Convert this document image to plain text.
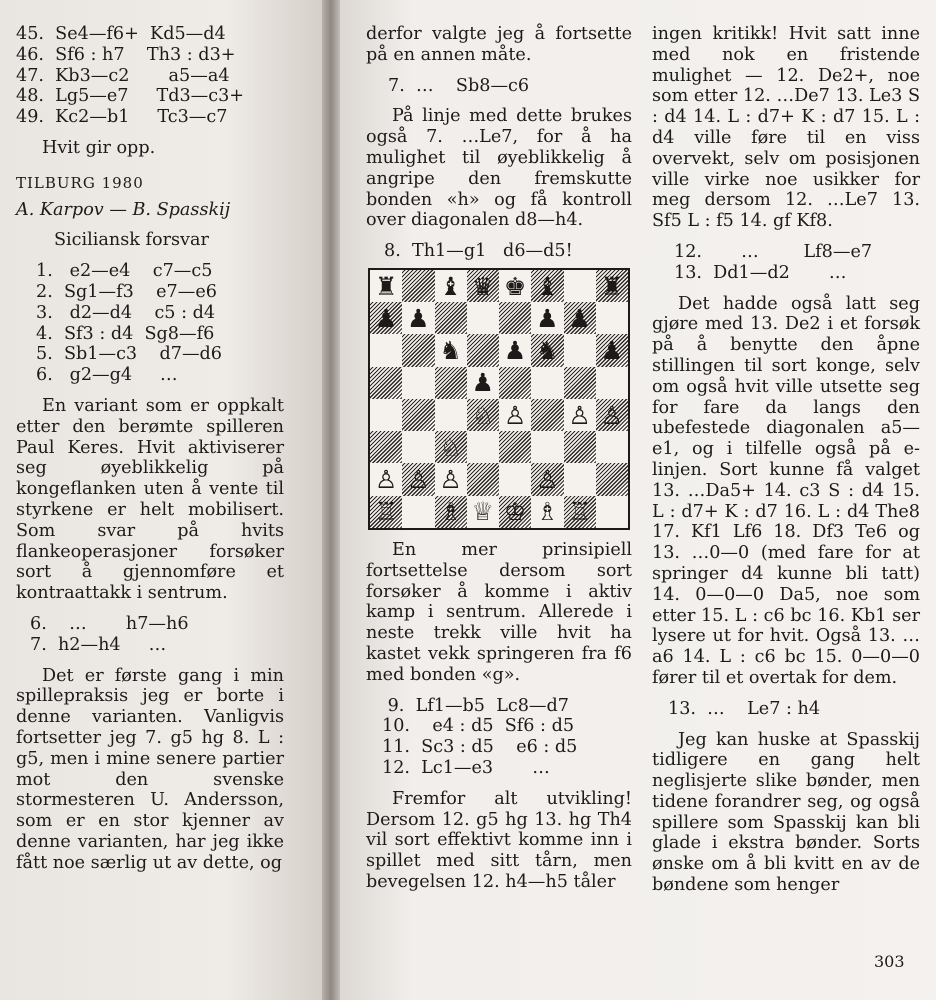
45.  Se4—f6+  Kd5—d4
46.  Sf6 : h7    Th3 : d3+
47.  Kb3—c2       a5—a4
48.  Lg5—e7     Td3—c3+
49.  Kc2—b1     Tc3—c7

Hvit gir opp.

TILBURG 1980

A. Karpov — B. Spasskij

Siciliansk forsvar

1.   e2—e4    c7—c5
2.  Sg1—f3    e7—e6
3.   d2—d4    c5 : d4
4.  Sf3 : d4  Sg8—f6
5.  Sb1—c3    d7—d6
6.   g2—g4     …

En variant som er oppkalt etter den berømte spilleren Paul Keres. Hvit aktiviserer seg øyeblikkelig på kongeflanken uten å vente til styrkene er helt mobilisert. Som svar på hvits flankeoperasjoner forsøker sort å gjennomføre et kontraattakk i sentrum.

6.    …       h7—h6
7.  h2—h4     …

Det er første gang i min spillepraksis jeg er borte i denne varianten. Vanligvis fortsetter jeg 7. g5 hg 8. L : g5, men i mine senere partier mot den svenske stormesteren U. Andersson, som er en stor kjenner av denne varianten, har jeg ikke fått noe særlig ut av dette, og

derfor valgte jeg å fortsette på en annen måte.

7.  …    Sb8—c6

På linje med dette brukes også 7. …Le7, for å ha mulighet til øyeblikkelig å angripe den fremskutte bonden «h» og få kontroll over diagonalen d8—h4.

8.  Th1—g1   d6—d5!
♜ ♝ ♛ ♚ ♝ ♜
♟ ♟	♟ ♟
♞ ♟ ♞ ♟
♟
♘ ♙ ♙ ♙
♘
♙ ♙ ♙	♙
♖ ♗ ♕ ♔ ♗ ♖

En mer prinsipiell fortsettelse dersom sort forsøker å komme i aktiv kamp i sentrum. Allerede i neste trekk ville hvit ha kastet vekk springeren fra f6 med bonden «g».

9.  Lf1—b5  Lc8—d7
10.    e4 : d5  Sf6 : d5
11.  Sc3 : d5    e6 : d5
12.  Lc1—e3       …

Fremfor alt utvikling! Dersom 12. g5 hg 13. hg Th4 vil sort effektivt komme inn i spillet med sitt tårn, men bevegelsen 12. h4—h5 tåler

ingen kritikk! Hvit satt inne med nok en fristende mulighet — 12. De2+, noe som etter 12. …De7 13. Le3 S : d4 14. L : d7+ K : d7 15. L : d4 ville føre til en viss overvekt, selv om posisjonen ville virke noe usikker for meg dersom 12. …Le7 13. Sf5 L : f5 14. gf Kf8.

12.       …        Lf8—e7
13.  Dd1—d2       …

Det hadde også latt seg gjøre med 13. De2 i et forsøk på å benytte den åpne stillingen til sort konge, selv om også hvit ville utsette seg for fare da langs den ubefestede diagonalen a5—e1, og i tilfelle også på e-linjen. Sort kunne få valget 13. …Da5+ 14. c3 S : d4 15. L : d7+ K : d7 16. L : d4 The8 17. Kf1 Lf6 18. Df3 Te6 og 13. …0—0 (med fare for at springer d4 kunne bli tatt) 14. 0—0—0 Da5, noe som etter 15. L : c6 bc 16. Kb1 ser lysere ut for hvit. Også 13. …a6 14. L : c6 bc 15. 0—0—0 fører til et overtak for dem.

13.  …    Le7 : h4

Jeg kan huske at Spasskij tidligere en gang helt neglisjerte slike bønder, men tidene forandrer seg, og også spillere som Spasskij kan bli glade i ekstra bønder. Sorts ønske om å bli kvitt en av de bøndene som henger

303
